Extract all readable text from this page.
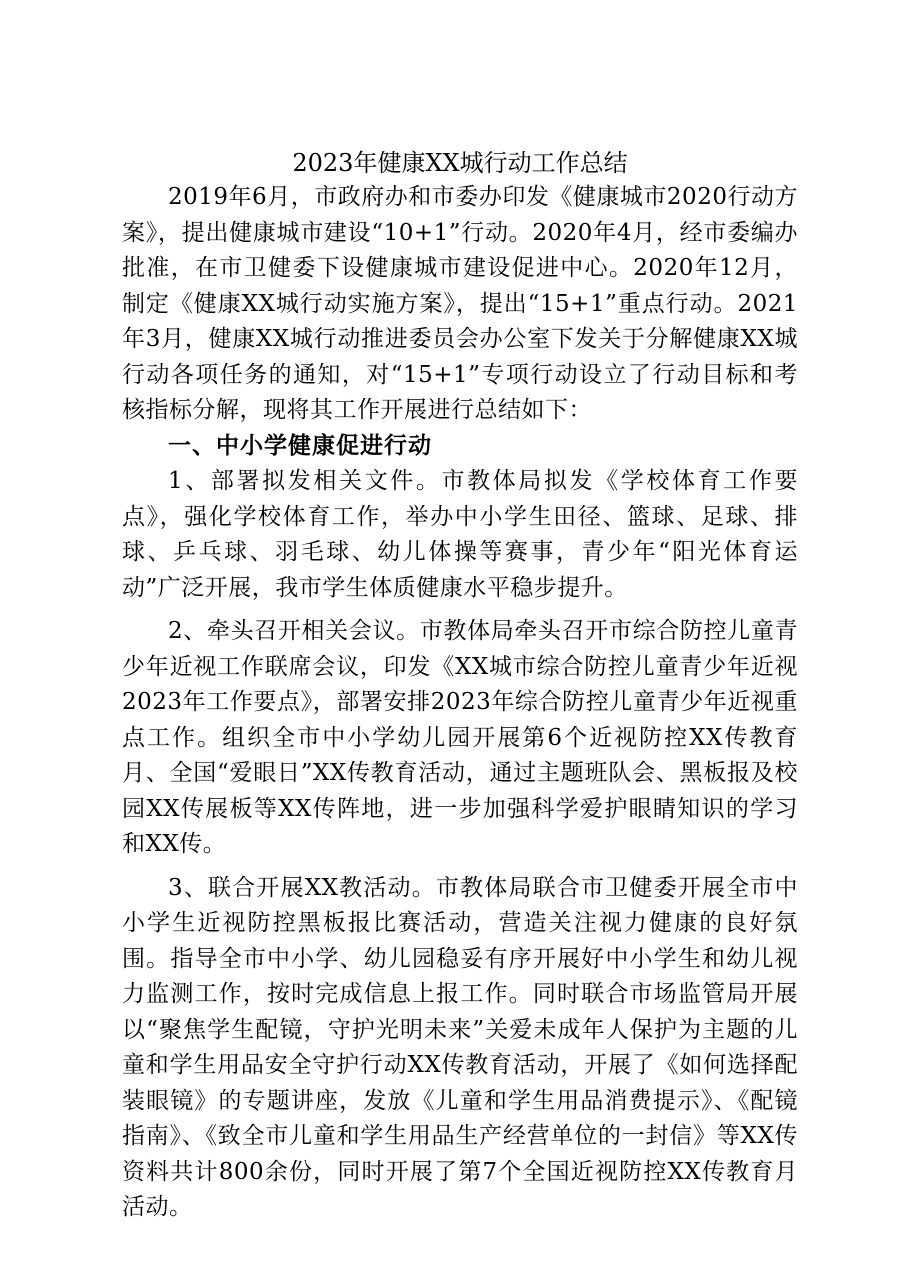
2023年健康XX城行动工作总结

2019年6月，市政府办和市委办印发《健康城市2020行动方案》，提出健康城市建设“10+1”行动。2020年4月，经市委编办批准，在市卫健委下设健康城市建设促进中心。2020年12月，制定《健康XX城行动实施方案》，提出“15+1”重点行动。2021年3月，健康XX城行动推进委员会办公室下发关于分解健康XX城行动各项任务的通知，对“15+1”专项行动设立了行动目标和考核指标分解，现将其工作开展进行总结如下：

一、中小学健康促进行动

1、部署拟发相关文件。市教体局拟发《学校体育工作要点》，强化学校体育工作，举办中小学生田径、篮球、足球、排球、乒乓球、羽毛球、幼儿体操等赛事，青少年“阳光体育运动”广泛开展，我市学生体质健康水平稳步提升。

2、牵头召开相关会议。市教体局牵头召开市综合防控儿童青少年近视工作联席会议，印发《XX城市综合防控儿童青少年近视2023年工作要点》，部署安排2023年综合防控儿童青少年近视重点工作。组织全市中小学幼儿园开展第6个近视防控XX传教育月、全国“爱眼日”XX传教育活动，通过主题班队会、黑板报及校园XX传展板等XX传阵地，进一步加强科学爱护眼睛知识的学习和XX传。

3、联合开展XX教活动。市教体局联合市卫健委开展全市中小学生近视防控黑板报比赛活动，营造关注视力健康的良好氛围。指导全市中小学、幼儿园稳妥有序开展好中小学生和幼儿视力监测工作，按时完成信息上报工作。同时联合市场监管局开展以“聚焦学生配镜，守护光明未来”关爱未成年人保护为主题的儿童和学生用品安全守护行动XX传教育活动，开展了《如何选择配装眼镜》的专题讲座，发放《儿童和学生用品消费提示》、《配镜指南》、《致全市儿童和学生用品生产经营单位的一封信》等XX传资料共计800余份，同时开展了第7个全国近视防控XX传教育月活动。
